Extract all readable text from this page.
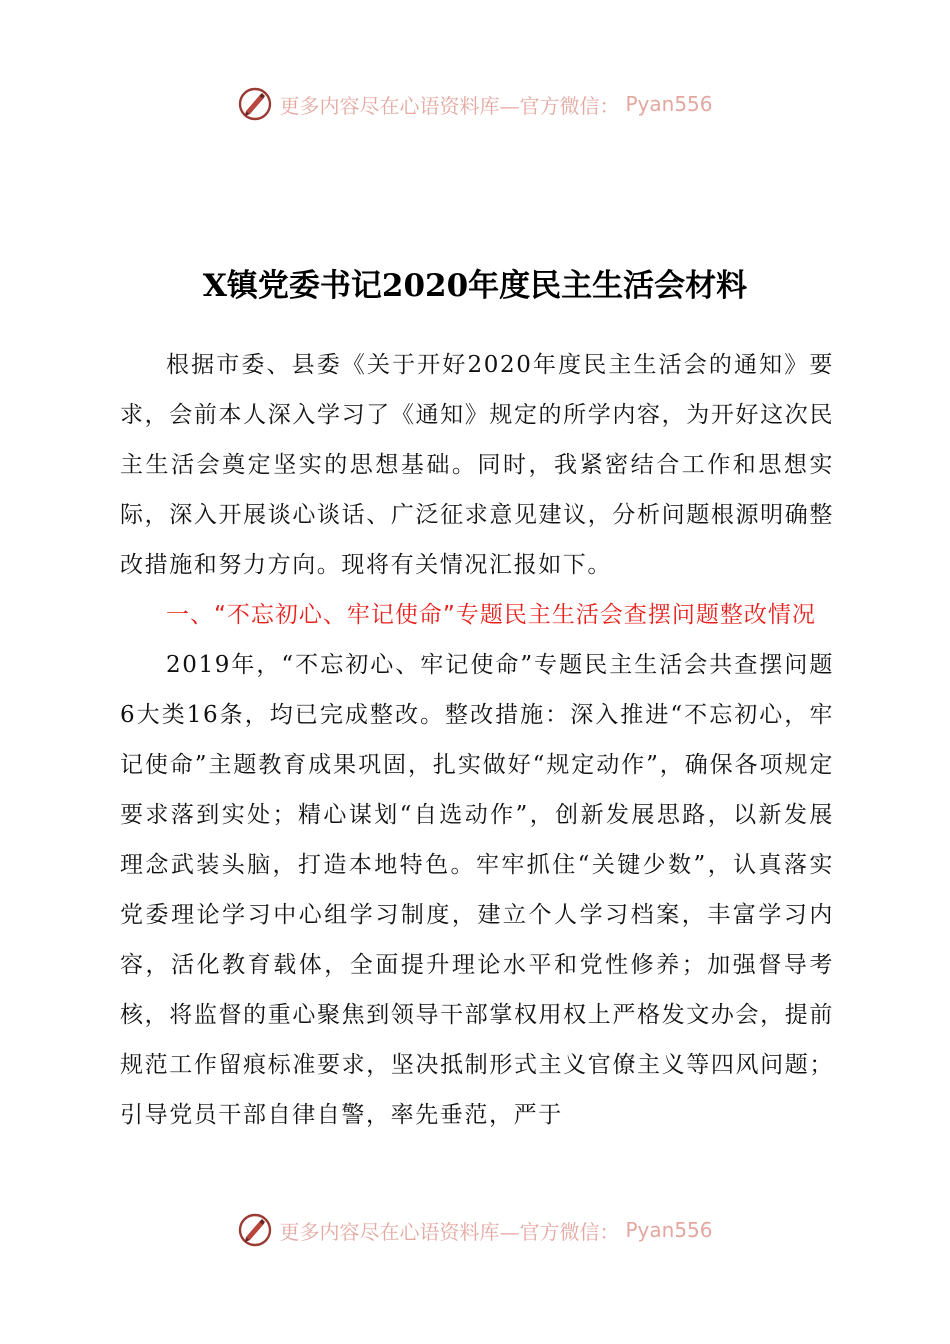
更多内容尽在心语资料库—官方微信： Pyan556
X镇党委书记2020年度民主生活会材料

根据市委、县委《关于开好2020年度民主生活会的通知》要求，会前本人深入学习了《通知》规定的所学内容，为开好这次民主生活会奠定坚实的思想基础。同时，我紧密结合工作和思想实际，深入开展谈心谈话、广泛征求意见建议，分析问题根源明确整改措施和努力方向。现将有关情况汇报如下。

一、“不忘初心、牢记使命”专题民主生活会查摆问题整改情况

2019年，“不忘初心、牢记使命”专题民主生活会共查摆问题6大类16条，均已完成整改。整改措施：深入推进“不忘初心，牢记使命”主题教育成果巩固，扎实做好“规定动作”，确保各项规定要求落到实处；精心谋划“自选动作”，创新发展思路，以新发展理念武装头脑，打造本地特色。牢牢抓住“关键少数”，认真落实党委理论学习中心组学习制度，建立个人学习档案，丰富学习内容，活化教育载体，全面提升理论水平和党性修养；加强督导考核，将监督的重心聚焦到领导干部掌权用权上严格发文办会，提前规范工作留痕标准要求，坚决抵制形式主义官僚主义等四风问题；引导党员干部自律自警，率先垂范，严于

更多内容尽在心语资料库—官方微信： Pyan556
